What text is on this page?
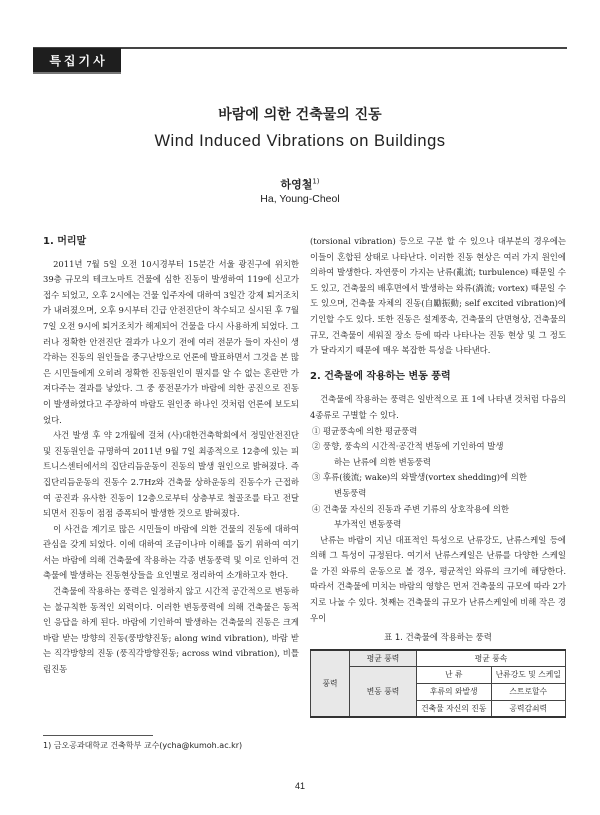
특집기사
바람에 의한 건축물의 진동
Wind Induced Vibrations on Buildings
하영철$^{1)}$
Ha, Young-Cheol
1. 머리말

2011년 7월 5일 오전 10시경부터 15분간 서울 광진구에 위치한 39층 규모의 테크노마트 건물에 심한 진동이 발생하여 119에 신고가 접수 되었고, 오후 2시에는 건물 입주자에 대하여 3일간 강제 퇴거조치가 내려졌으며, 오후 9시부터 긴급 안전진단이 착수되고 실시된 후 7월 7일 오전 9시에 퇴거조치가 해제되어 건물을 다시 사용하게 되었다. 그러나 정확한 안전진단 결과가 나오기 전에 여러 전문가 들이 자신이 생각하는 진동의 원인들을 중구난방으로 언론에 발표하면서 그것을 본 많은 시민들에게 오히려 정확한 진동원인이 뭔지를 알 수 없는 혼란만 가져다주는 결과를 낳았다. 그 중 풍전문가가 바람에 의한 공진으로 진동이 발생하였다고 주장하여 바람도 원인중 하나인 것처럼 언론에 보도되었다.

사건 발생 후 약 2개월에 걸쳐 (사)대한건축학회에서 정밀안전진단 및 진동원인을 규명하여 2011년 9월 7일 최종적으로 12층에 있는 피트니스센터에서의 집단리듬운동이 진동의 발생 원인으로 밝혀졌다. 즉 집단리듬운동의 진동수 2.7Hz와 건축물 상하운동의 진동수가 근접하여 공진과 유사한 진동이 12층으로부터 상층부로 철골조를 타고 전달되면서 진동이 점점 증폭되어 발생한 것으로 밝혀졌다.

이 사건을 계기로 많은 시민들이 바람에 의한 건물의 진동에 대하여 관심을 갖게 되었다. 이에 대하여 조금이나마 이해를 돕기 위하여 여기서는 바람에 의해 건축물에 작용하는 각종 변동풍력 및 이로 인하여 건축물에 발생하는 진동현상들을 요인별로 정리하여 소개하고자 한다.

건축물에 작용하는 풍력은 일정하지 않고 시간적 공간적으로 변동하는 불규칙한 동적인 외력이다. 이러한 변동풍력에 의해 건축물은 동적인 응답을 하게 된다. 바람에 기인하여 발생하는 건축물의 진동은 크게 바람 받는 방향의 진동(풍방향진동; along wind vibration), 바람 받는 직각방향의 진동 (풍직각방향진동; across wind vibration), 비틀림진동

(torsional vibration) 등으로 구분 할 수 있으나 대부분의 경우에는 이들이 혼합된 상태로 나타난다. 이러한 진동 현상은 여러 가지 원인에 의하여 발생한다. 자연풍이 가지는 난류(亂流; turbulence) 때문일 수도 있고, 건축물의 배후면에서 발생하는 와류(渦流; vortex) 때문일 수도 있으며, 건축물 자체의 진동(自勵振動; self excited vibration)에 기인할 수도 있다. 또한 진동은 설계풍속, 건축물의 단면형상, 건축물의 규모, 건축물이 세워질 장소 등에 따라 나타나는 진동 현상 및 그 정도가 달라지기 때문에 매우 복잡한 특성을 나타낸다.

2. 건축물에 작용하는 변동 풍력

건축물에 작용하는 풍력은 일반적으로 표 1에 나타낸 것처럼 다음의 4종류로 구별할 수 있다.

① 평균풍속에 의한 평균풍력
② 풍향, 풍속의 시간적·공간적 변동에 기인하여 발생
하는 난류에 의한 변동풍력
③ 후류(後流; wake)의 와발생(vortex shedding)에 의한
변동풍력
④ 건축물 자신의 진동과 주변 기류의 상호작용에 의한
부가적인 변동풍력

난류는 바람이 지닌 대표적인 특성으로 난류강도, 난류스케일 등에 의해 그 특성이 규정된다. 여기서 난류스케일은 난류를 다양한 스케일을 가진 와류의 운동으로 볼 경우, 평균적인 와류의 크기에 해당한다. 따라서 건축물에 미치는 바람의 영향은 먼저 건축물의 규모에 따라 2가지로 나눌 수 있다. 첫째는 건축물의 규모가 난류스케일에 비해 작은 경우이

표 1. 건축물에 작용하는 풍력
풍력	평균 풍력	평균 풍속	
	변동 풍력	난 류	난류강도 및 스케일
		후류의 와발생	스트로할수
		건축물 자신의 진동	공력감쇠력
1) 금오공과대학교 건축학부 교수(ycha@kumoh.ac.kr)
41
